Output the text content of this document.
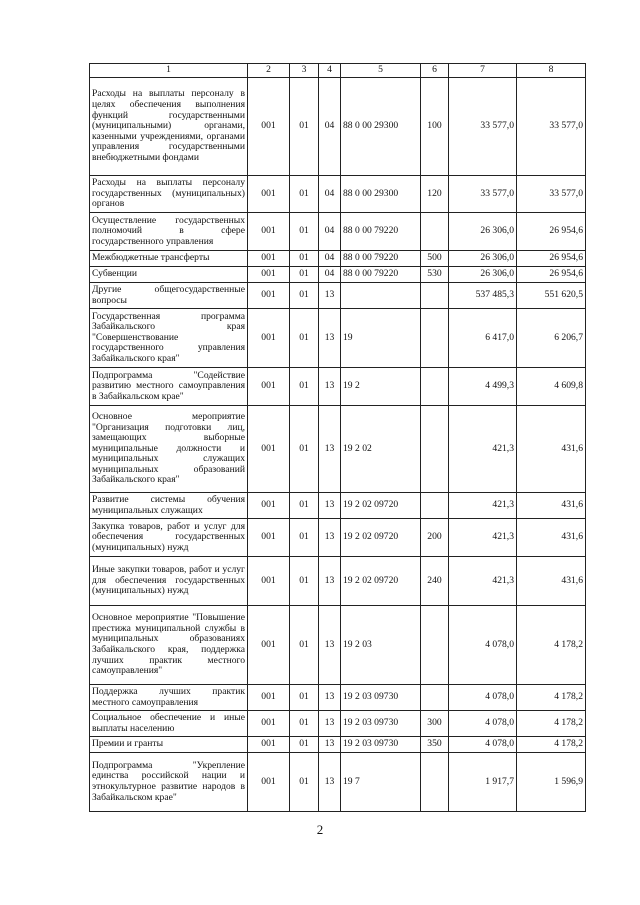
1	2	3	4	5	6	7	8
Расходы на выплаты персоналу в целях обеспечения выполнения функций государственными (муниципальными) органами, казенными учреждениями, органами управления государственными внебюджетными фондами	001	01	04	88 0 00 29300	100	33 577,0	33 577,0
Расходы на выплаты персоналу государственных (муниципальных) органов	001	01	04	88 0 00 29300	120	33 577,0	33 577,0
Осуществление государственных полномочий в сфере государственного управления	001	01	04	88 0 00 79220		26 306,0	26 954,6
Межбюджетные трансферты	001	01	04	88 0 00 79220	500	26 306,0	26 954,6
Субвенции	001	01	04	88 0 00 79220	530	26 306,0	26 954,6
Другие общегосударственные вопросы	001	01	13			537 485,3	551 620,5
Государственная программа Забайкальского края "Совершенствование государственного управления Забайкальского края"	001	01	13	19		6 417,0	6 206,7
Подпрограмма "Содействие развитию местного самоуправления в Забайкальском крае"	001	01	13	19 2		4 499,3	4 609,8
Основное мероприятие "Организация подготовки лиц, замещающих выборные муниципальные должности и муниципальных служащих муниципальных образований Забайкальского края"	001	01	13	19 2 02		421,3	431,6
Развитие системы обучения муниципальных служащих	001	01	13	19 2 02 09720		421,3	431,6
Закупка товаров, работ и услуг для обеспечения государственных (муниципальных) нужд	001	01	13	19 2 02 09720	200	421,3	431,6
Иные закупки товаров, работ и услуг для обеспечения государственных (муниципальных) нужд	001	01	13	19 2 02 09720	240	421,3	431,6
Основное мероприятие "Повышение престижа муниципальной службы в муниципальных образованиях Забайкальского края, поддержка лучших практик местного самоуправления"	001	01	13	19 2 03		4 078,0	4 178,2
Поддержка лучших практик местного самоуправления	001	01	13	19 2 03 09730		4 078,0	4 178,2
Социальное обеспечение и иные выплаты населению	001	01	13	19 2 03 09730	300	4 078,0	4 178,2
Премии и гранты	001	01	13	19 2 03 09730	350	4 078,0	4 178,2
Подпрограмма "Укрепление единства российской нации и этнокультурное развитие народов в Забайкальском крае"	001	01	13	19 7		1 917,7	1 596,9
2
